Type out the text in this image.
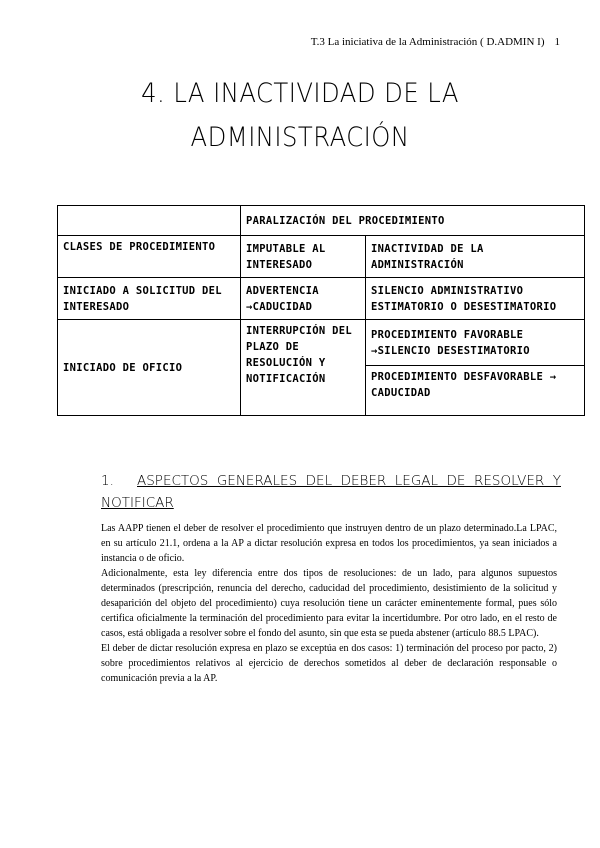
T.3 La iniciativa de la Administración ( D.ADMIN I) 1
4. LA INACTIVIDAD DE LA
ADMINISTRACIÓN
	PARALIZACIÓN DEL PROCEDIMIENTO	
CLASES DE PROCEDIMIENTO	IMPUTABLE AL INTERESADO	INACTIVIDAD DE LA ADMINISTRACIÓN
INICIADO A SOLICITUD DEL INTERESADO	ADVERTENCIA →CADUCIDAD	SILENCIO ADMINISTRATIVO ESTIMATORIO O DESESTIMATORIO
INICIADO DE OFICIO	INTERRUPCIÓN DEL PLAZO DE RESOLUCIÓN Y NOTIFICACIÓN	PROCEDIMIENTO FAVORABLE →SILENCIO DESESTIMATORIO
		PROCEDIMIENTO DESFAVORABLE → CADUCIDAD
1. ASPECTOS GENERALES DEL DEBER LEGAL DE RESOLVER Y NOTIFICAR

Las AAPP tienen el deber de resolver el procedimiento que instruyen dentro de un plazo determinado.La LPAC, en su artículo 21.1, ordena a la AP a dictar resolución expresa en todos los procedimientos, ya sean iniciados a instancia o de oficio.

Adicionalmente, esta ley diferencia entre dos tipos de resoluciones: de un lado, para algunos supuestos determinados (prescripción, renuncia del derecho, caducidad del procedimiento, desistimiento de la solicitud y desaparición del objeto del procedimiento) cuya resolución tiene un carácter eminentemente formal, pues sólo certifica oficialmente la terminación del procedimiento para evitar la incertidumbre. Por otro lado, en el resto de casos, está obligada a resolver sobre el fondo del asunto, sin que esta se pueda abstener (artículo 88.5 LPAC).

El deber de dictar resolución expresa en plazo se exceptúa en dos casos: 1) terminación del proceso por pacto, 2) sobre procedimientos relativos al ejercicio de derechos sometidos al deber de declaración responsable o comunicación previa a la AP.
